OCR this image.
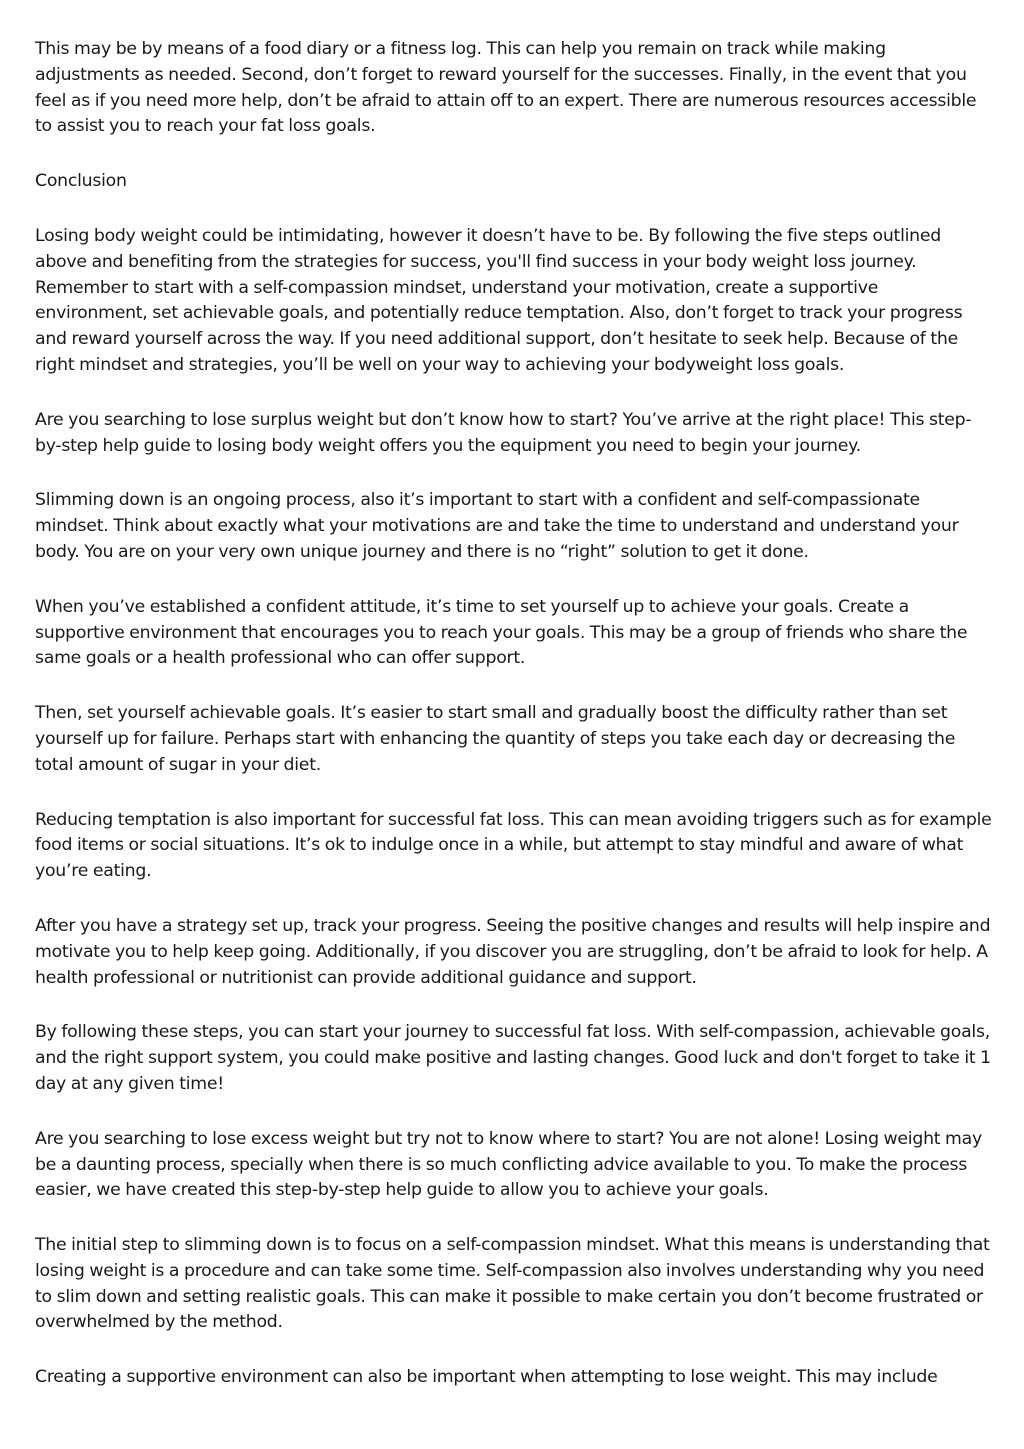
This may be by means of a food diary or a fitness log. This can help you remain on track while making adjustments as needed. Second, don’t forget to reward yourself for the successes. Finally, in the event that you feel as if you need more help, don’t be afraid to attain off to an expert. There are numerous resources accessible to assist you to reach your fat loss goals.

Conclusion

Losing body weight could be intimidating, however it doesn’t have to be. By following the five steps outlined above and benefiting from the strategies for success, you'll find success in your body weight loss journey. Remember to start with a self-compassion mindset, understand your motivation, create a supportive environment, set achievable goals, and potentially reduce temptation. Also, don’t forget to track your progress and reward yourself across the way. If you need additional support, don’t hesitate to seek help. Because of the right mindset and strategies, you’ll be well on your way to achieving your bodyweight loss goals.

Are you searching to lose surplus weight but don’t know how to start? You’ve arrive at the right place! This step-by-step help guide to losing body weight offers you the equipment you need to begin your journey.

Slimming down is an ongoing process, also it’s important to start with a confident and self-compassionate mindset. Think about exactly what your motivations are and take the time to understand and understand your body. You are on your very own unique journey and there is no “right” solution to get it done.

When you’ve established a confident attitude, it’s time to set yourself up to achieve your goals. Create a supportive environment that encourages you to reach your goals. This may be a group of friends who share the same goals or a health professional who can offer support.

Then, set yourself achievable goals. It’s easier to start small and gradually boost the difficulty rather than set yourself up for failure. Perhaps start with enhancing the quantity of steps you take each day or decreasing the total amount of sugar in your diet.

Reducing temptation is also important for successful fat loss. This can mean avoiding triggers such as for example food items or social situations. It’s ok to indulge once in a while, but attempt to stay mindful and aware of what you’re eating.

After you have a strategy set up, track your progress. Seeing the positive changes and results will help inspire and motivate you to help keep going. Additionally, if you discover you are struggling, don’t be afraid to look for help. A health professional or nutritionist can provide additional guidance and support.

By following these steps, you can start your journey to successful fat loss. With self-compassion, achievable goals, and the right support system, you could make positive and lasting changes. Good luck and don't forget to take it 1 day at any given time!

Are you searching to lose excess weight but try not to know where to start? You are not alone! Losing weight may be a daunting process, specially when there is so much conflicting advice available to you. To make the process easier, we have created this step-by-step help guide to allow you to achieve your goals.

The initial step to slimming down is to focus on a self-compassion mindset. What this means is understanding that losing weight is a procedure and can take some time. Self-compassion also involves understanding why you need to slim down and setting realistic goals. This can make it possible to make certain you don’t become frustrated or overwhelmed by the method.

Creating a supportive environment can also be important when attempting to lose weight. This may include
